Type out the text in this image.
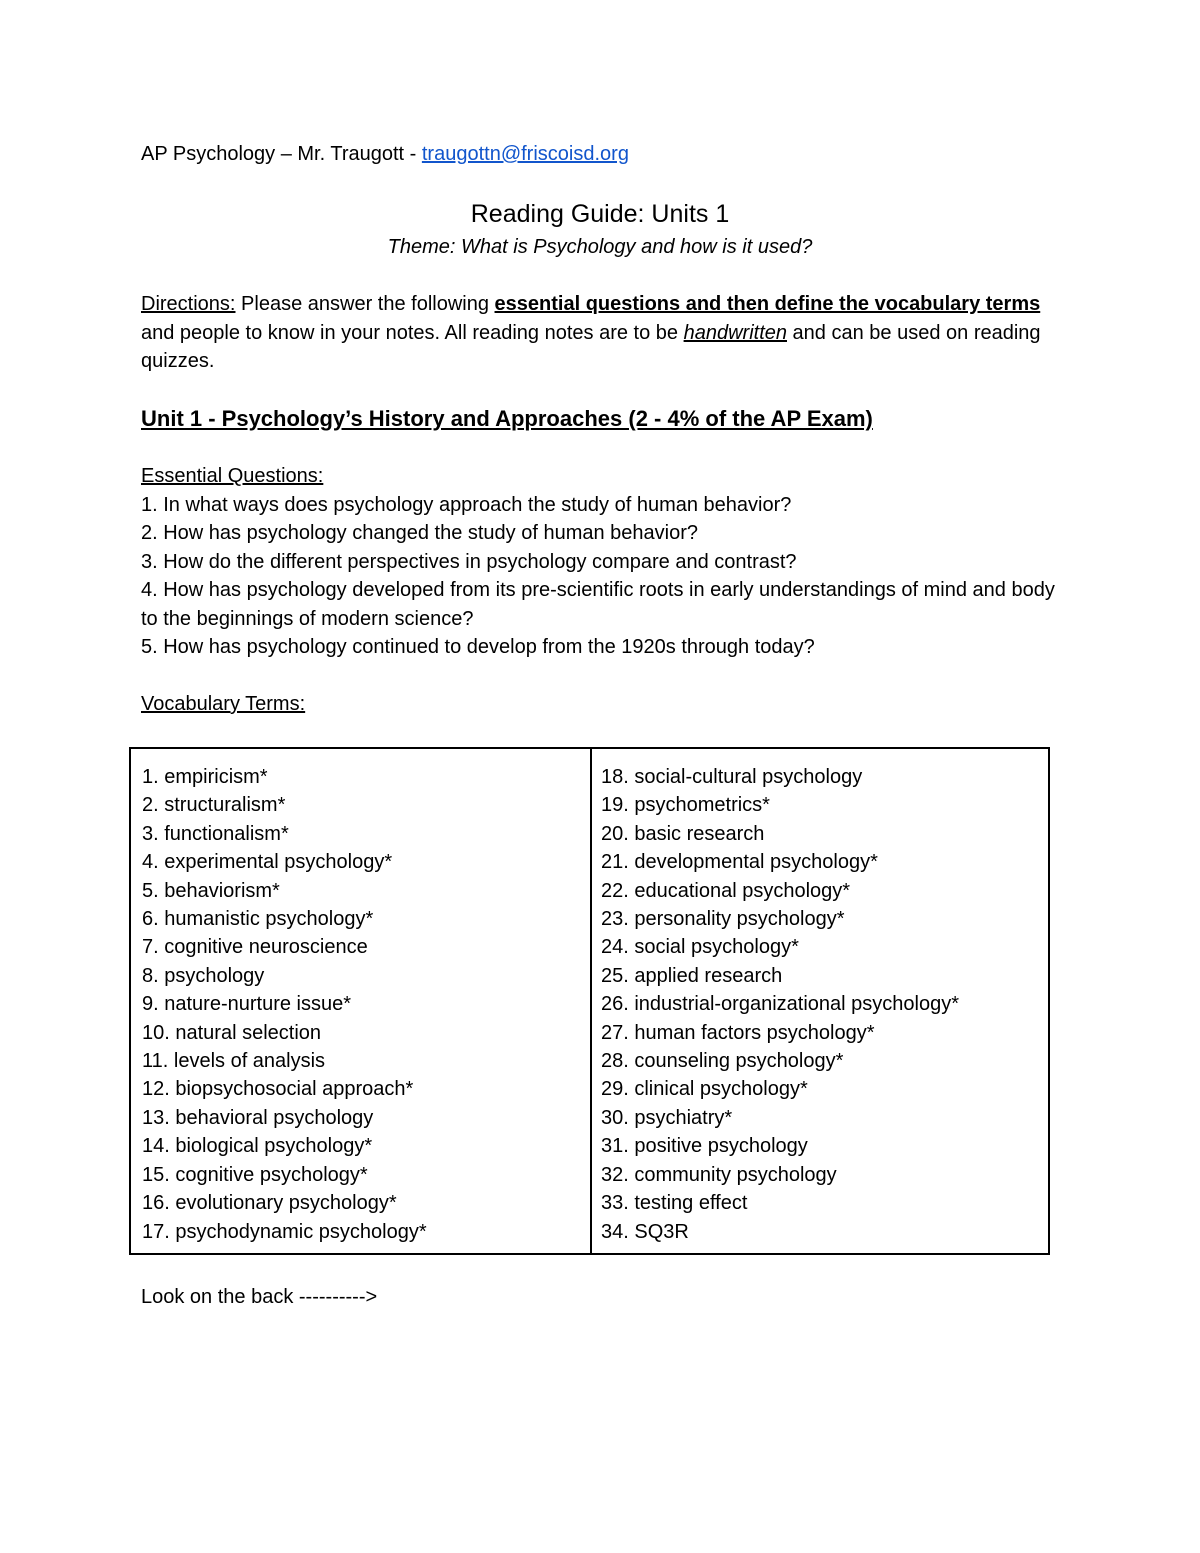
AP Psychology – Mr. Traugott - traugottn@friscoisd.org
Reading Guide: Units 1
Theme: What is Psychology and how is it used?
Directions: Please answer the following essential questions and then define the vocabulary terms and people to know in your notes. All reading notes are to be handwritten and can be used on reading quizzes.
Unit 1 - Psychology’s History and Approaches (2 - 4% of the AP Exam)
Essential Questions:
1. In what ways does psychology approach the study of human behavior?
2. How has psychology changed the study of human behavior?
3. How do the different perspectives in psychology compare and contrast?
4. How has psychology developed from its pre-scientific roots in early understandings of mind and body to the beginnings of modern science?
5. How has psychology continued to develop from the 1920s through today?
Vocabulary Terms:
1. empiricism*
2. structuralism*
3. functionalism*
4. experimental psychology*
5. behaviorism*
6. humanistic psychology*
7. cognitive neuroscience
8. psychology
9. nature-nurture issue*
10. natural selection
11. levels of analysis
12. biopsychosocial approach*
13. behavioral psychology
14. biological psychology*
15. cognitive psychology*
16. evolutionary psychology*
17. psychodynamic psychology*
18. social-cultural psychology
19. psychometrics*
20. basic research
21. developmental psychology*
22. educational psychology*
23. personality psychology*
24. social psychology*
25. applied research
26. industrial-organizational psychology*
27. human factors psychology*
28. counseling psychology*
29. clinical psychology*
30. psychiatry*
31. positive psychology
32. community psychology
33. testing effect
34. SQ3R
Look on the back ---------->
